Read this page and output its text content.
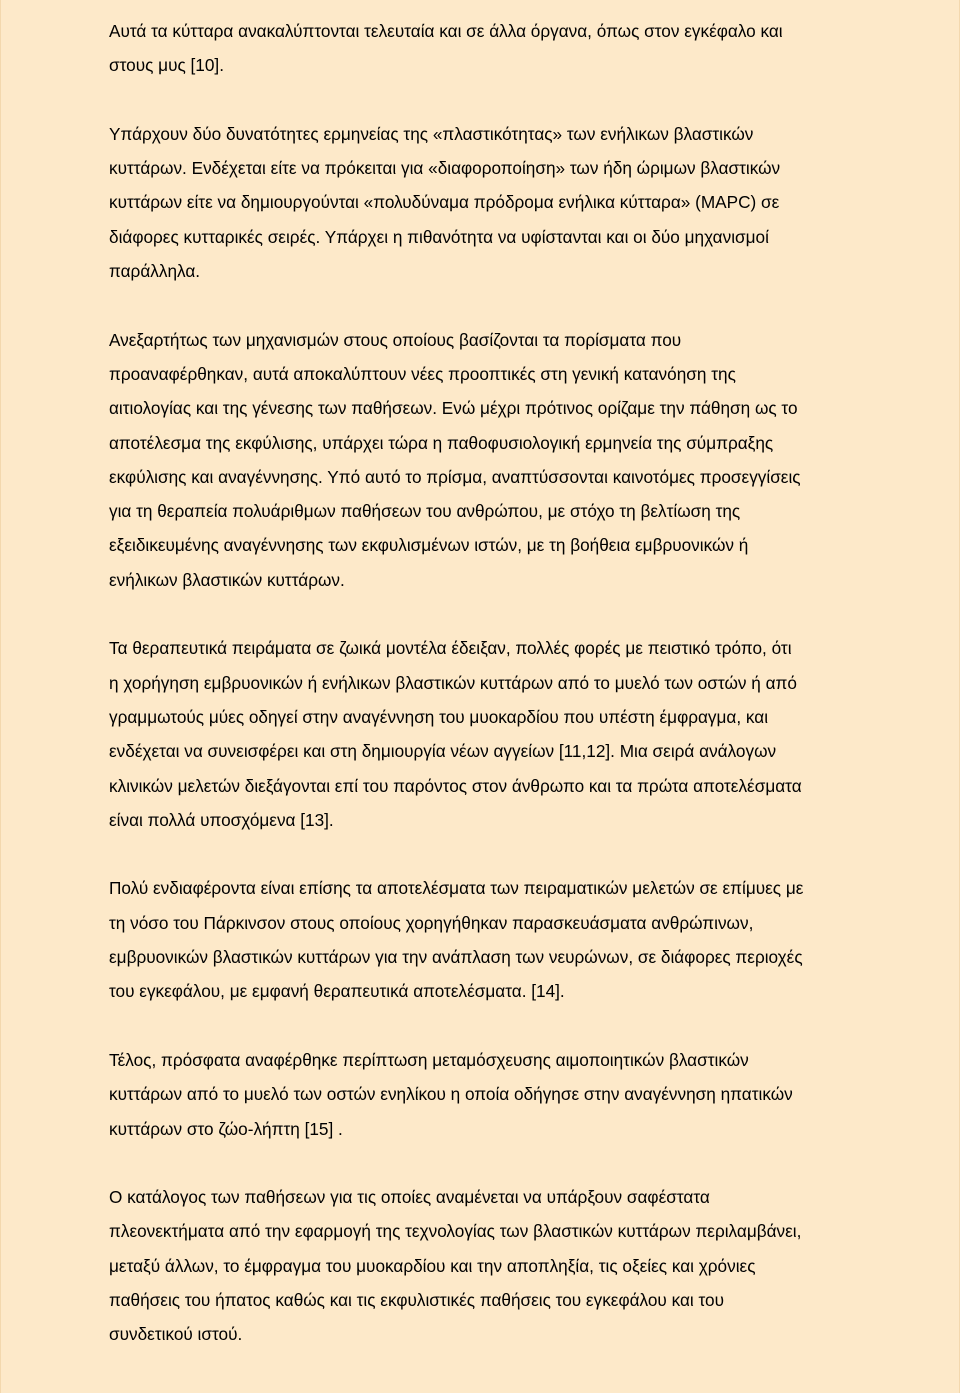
Αυτά τα κύτταρα ανακαλύπτονται τελευταία και σε άλλα όργανα, όπως στον εγκέφαλο και
στους μυς [10].

Υπάρχουν δύο δυνατότητες ερμηνείας της «πλαστικότητας» των ενήλικων βλαστικών
κυττάρων. Ενδέχεται είτε να πρόκειται για «διαφοροποίηση» των ήδη ώριμων βλαστικών
κυττάρων είτε να δημιουργούνται «πολυδύναμα πρόδρομα ενήλικα κύτταρα» (MAPC) σε
διάφορες κυτταρικές σειρές. Υπάρχει η πιθανότητα να υφίστανται και οι δύο μηχανισμοί
παράλληλα.

Ανεξαρτήτως των μηχανισμών στους οποίους βασίζονται τα πορίσματα που
προαναφέρθηκαν, αυτά αποκαλύπτουν νέες προοπτικές στη γενική κατανόηση της
αιτιολογίας και της γένεσης των παθήσεων. Ενώ μέχρι πρότινος ορίζαμε την πάθηση ως το
αποτέλεσμα της εκφύλισης, υπάρχει τώρα η παθοφυσιολογική ερμηνεία της σύμπραξης
εκφύλισης και αναγέννησης. Υπό αυτό το πρίσμα, αναπτύσσονται καινοτόμες προσεγγίσεις
για τη θεραπεία πολυάριθμων παθήσεων του ανθρώπου, με στόχο τη βελτίωση της
εξειδικευμένης αναγέννησης των εκφυλισμένων ιστών, με τη βοήθεια εμβρυονικών ή
ενήλικων βλαστικών κυττάρων.

Τα θεραπευτικά πειράματα σε ζωικά μοντέλα έδειξαν, πολλές φορές με πειστικό τρόπο, ότι
η χορήγηση εμβρυονικών ή ενήλικων βλαστικών κυττάρων από το μυελό των οστών ή από
γραμμωτούς μύες οδηγεί στην αναγέννηση του μυοκαρδίου που υπέστη έμφραγμα, και
ενδέχεται να συνεισφέρει και στη δημιουργία νέων αγγείων [11,12]. Μια σειρά ανάλογων
κλινικών μελετών διεξάγονται επί του παρόντος στον άνθρωπο και τα πρώτα αποτελέσματα
είναι πολλά υποσχόμενα [13].

Πολύ ενδιαφέροντα είναι επίσης τα αποτελέσματα των πειραματικών μελετών σε επίμυες με
τη νόσο του Πάρκινσον στους οποίους χορηγήθηκαν παρασκευάσματα ανθρώπινων,
εμβρυονικών βλαστικών κυττάρων για την ανάπλαση των νευρώνων, σε διάφορες περιοχές
του εγκεφάλου, με εμφανή θεραπευτικά αποτελέσματα. [14].

Τέλος, πρόσφατα αναφέρθηκε περίπτωση μεταμόσχευσης αιμοποιητικών βλαστικών
κυττάρων από το μυελό των οστών ενηλίκου η οποία οδήγησε στην αναγέννηση ηπατικών
κυττάρων στο ζώο-λήπτη [15] .

Ο κατάλογος των παθήσεων για τις οποίες αναμένεται να υπάρξουν σαφέστατα
πλεονεκτήματα από την εφαρμογή της τεχνολογίας των βλαστικών κυττάρων περιλαμβάνει,
μεταξύ άλλων, το έμφραγμα του μυοκαρδίου και την αποπληξία, τις οξείες και χρόνιες
παθήσεις του ήπατος καθώς και τις εκφυλιστικές παθήσεις του εγκεφάλου και του
συνδετικού ιστού.
